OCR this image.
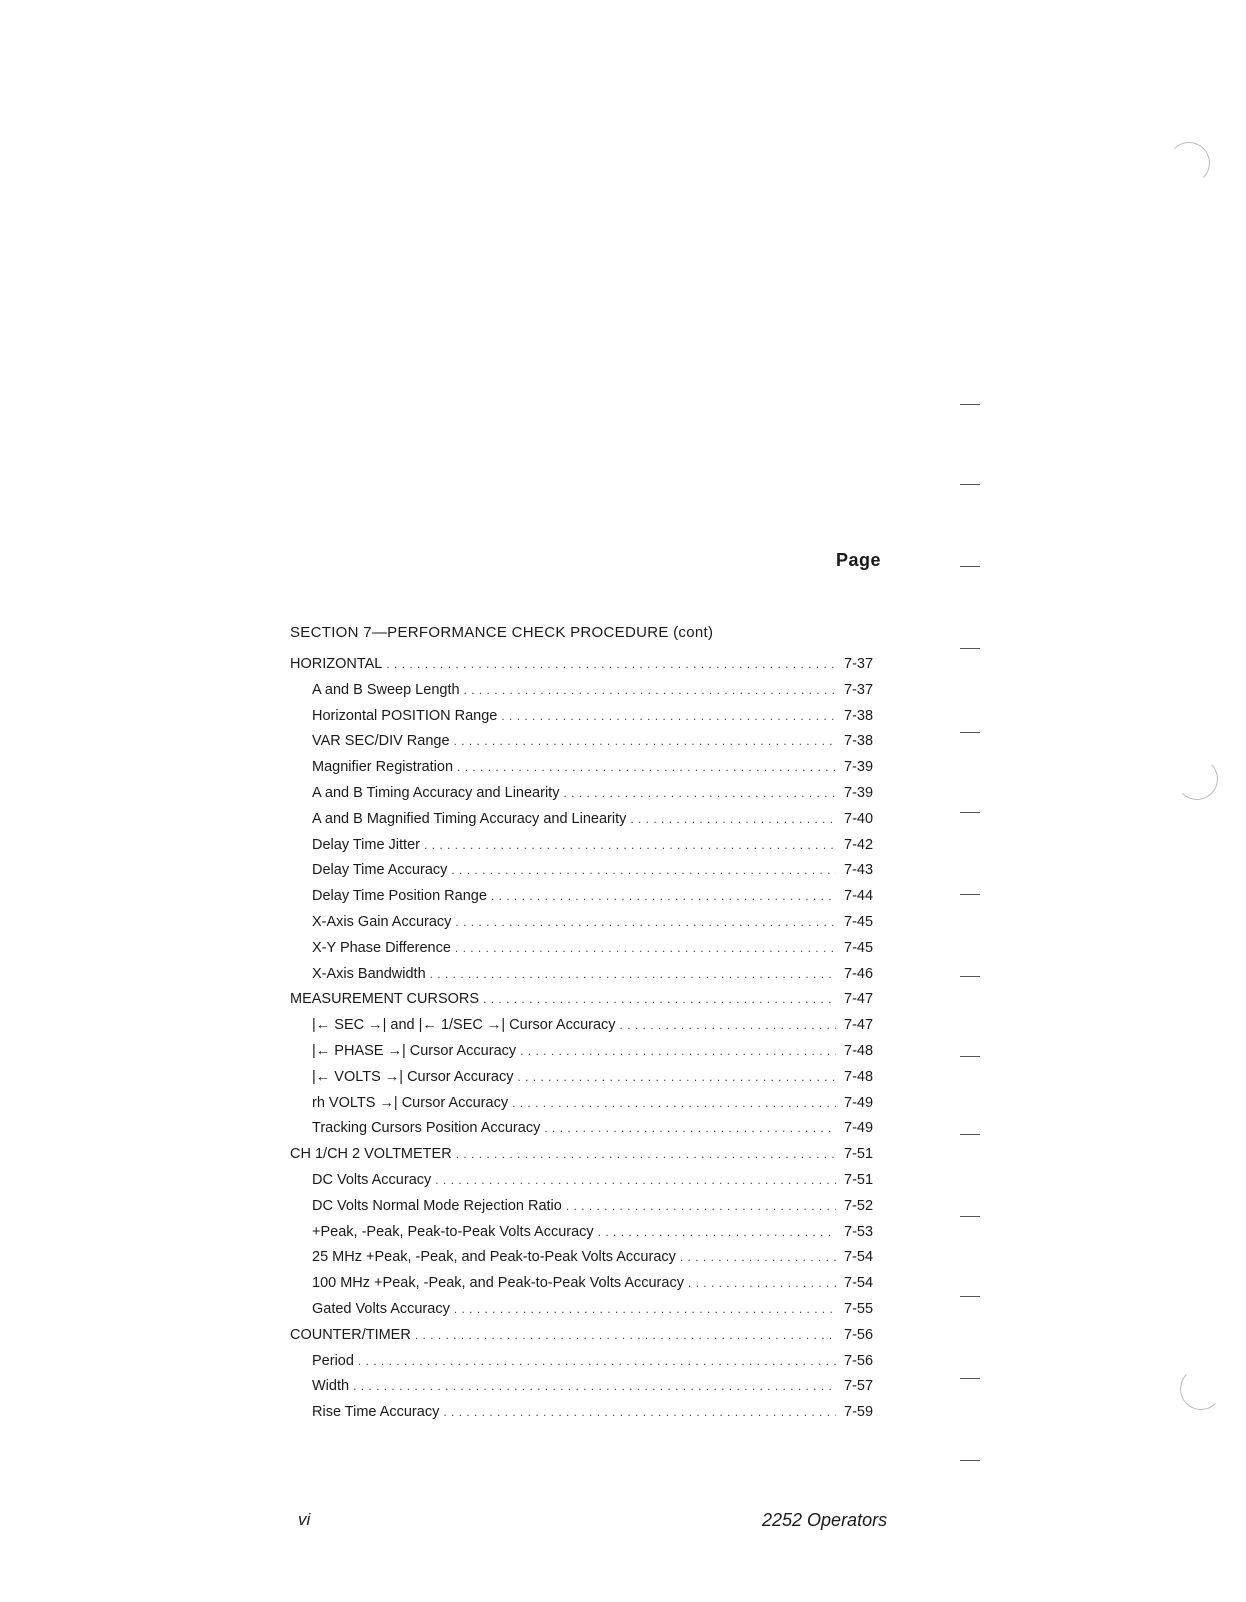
Page
SECTION 7—PERFORMANCE CHECK PROCEDURE (cont)
HORIZONTAL . . .	7-37
A and B Sweep Length . . .	7-37
Horizontal POSITION Range . . .	7-38
VAR SEC/DIV Range . . .	7-38
Magnifier Registration . . .	7-39
A and B Timing Accuracy and Linearity . . .	7-39
A and B Magnified Timing Accuracy and Linearity . . .	7-40
Delay Time Jitter . . .	7-42
Delay Time Accuracy . . .	7-43
Delay Time Position Range . . .	7-44
X-Axis Gain Accuracy . . .	7-45
X-Y Phase Difference . . .	7-45
X-Axis Bandwidth . . .	7-46
MEASUREMENT CURSORS . . .	7-47
|← SEC →| and |← 1/SEC →| Cursor Accuracy . . .	7-47
|← PHASE →| Cursor Accuracy . . .	7-48
|← VOLTS →| Cursor Accuracy . . .	7-48
rh VOLTS →| Cursor Accuracy . . .	7-49
Tracking Cursors Position Accuracy . . .	7-49
CH 1/CH 2 VOLTMETER . . .	7-51
DC Volts Accuracy . . .	7-51
DC Volts Normal Mode Rejection Ratio . . .	7-52
+Peak, -Peak, Peak-to-Peak Volts Accuracy . . .	7-53
25 MHz +Peak, -Peak, and Peak-to-Peak Volts Accuracy . . .	7-54
100 MHz +Peak, -Peak, and Peak-to-Peak Volts Accuracy . . .	7-54
Gated Volts Accuracy . . .	7-55
COUNTER/TIMER . . .	7-56
Period . . .	7-56
Width . . .	7-57
Rise Time Accuracy . . .	7-59
vi	2252 Operators
